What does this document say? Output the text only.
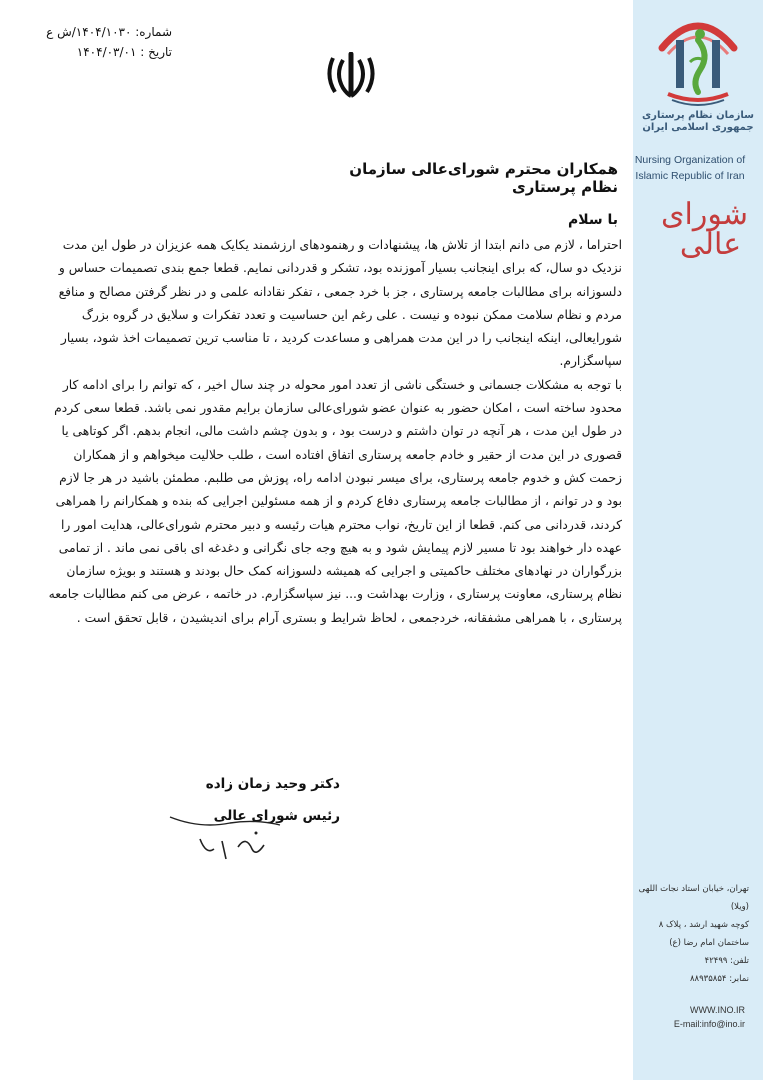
سازمان نظام پرستاری
جمهوری اسلامی ایران
Nursing Organization of
Islamic Republic of Iran
شورای عالی
تهران، خیابان استاد نجات اللهی (ویلا)
کوچه شهید ارشد ، پلاک ۸
ساختمان امام رضا (ع)
تلفن: ۴۲۴۹۹
نمابر: ۸۸۹۳۵۸۵۴
WWW.INO.IR
E-mail:info@ino.ir
شماره: ۱۴۰۴/۱۰۳۰/ش ع
تاریخ : ۱۴۰۴/۰۳/۰۱
همکاران محترم شورای‌عالی سازمان نظام پرستاری
با سلام

احتراما ، لازم می دانم ابتدا از تلاش ها، پیشنهادات و رهنمودهای ارزشمند یکایک همه عزیزان در طول این مدت نزدیک دو سال، که برای اینجانب بسیار آموزنده بود، تشکر و قدردانی نمایم. قطعا جمع بندی تصمیمات حساس و دلسوزانه برای مطالبات جامعه پرستاری ، جز با خرد جمعی ، تفکر نقادانه علمی و در نظر گرفتن مصالح و منافع مردم و نظام سلامت ممکن نبوده و نیست . علی رغم این حساسیت و تعدد تفکرات و سلایق در گروه بزرگ شورایعالی، اینکه اینجانب را در این مدت همراهی و مساعدت کردید ، تا مناسب ترین تصمیمات اخذ شود، بسیار سپاسگزارم.

با توجه به مشکلات جسمانی و خستگی ناشی از تعدد امور محوله در چند سال اخیر ، که توانم را برای ادامه کار محدود ساخته است ، امکان حضور به عنوان عضو شورای‌عالی سازمان برایم مقدور نمی باشد. قطعا سعی کردم در طول این مدت ، هر آنچه در توان داشتم و درست بود ، و بدون چشم داشت مالی، انجام بدهم. اگر کوتاهی یا قصوری در این مدت از حقیر و خادم جامعه پرستاری اتفاق افتاده است ، طلب حلالیت میخواهم و از همکاران زحمت کش و خدوم جامعه پرستاری، برای میسر نبودن ادامه راه، پوزش می طلبم. مطمئن باشید در هر جا لازم بود و در توانم ، از مطالبات جامعه پرستاری دفاع کردم و از همه مسئولین اجرایی که بنده و همکارانم را همراهی کردند، قدردانی می کنم. قطعا از این تاریخ، نواب محترم هیات رئیسه و دبیر محترم شورای‌عالی، هدایت امور را عهده دار خواهند بود تا مسیر لازم پیمایش شود و به هیچ وجه جای نگرانی و دغدغه ای باقی نمی ماند . از تمامی بزرگواران در نهادهای مختلف حاکمیتی و اجرایی که همیشه دلسوزانه کمک حال بودند و هستند و بویژه سازمان نظام پرستاری، معاونت پرستاری ، وزارت بهداشت و... نیز سپاسگزارم. در خاتمه ، عرض می کنم مطالبات جامعه پرستاری ، با همراهی مشفقانه، خردجمعی ، لحاظ شرایط و بستری آرام برای اندیشیدن ، قابل تحقق است .

دکتر وحید زمان زاده
رئیس شورای عالی
